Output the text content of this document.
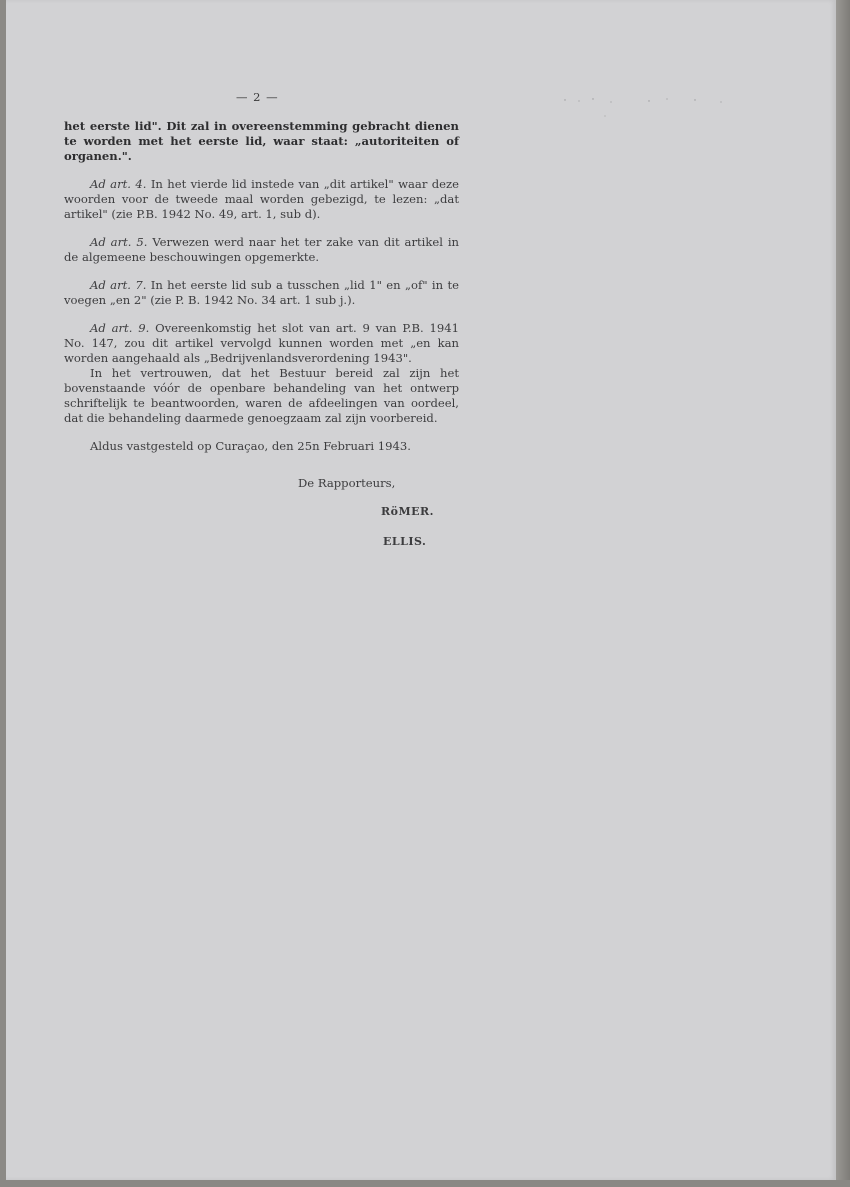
— 2 —

het eerste lid". Dit zal in overeenstemming gebracht dienen te worden met het eerste lid, waar staat: „autoriteiten of organen.".

Ad art. 4. In het vierde lid instede van „dit artikel" waar deze woorden voor de tweede maal worden gebezigd, te lezen: „dat artikel" (zie P.B. 1942 No. 49, art. 1, sub d).

Ad art. 5. Verwezen werd naar het ter zake van dit artikel in de algemeene beschouwingen opgemerkte.

Ad art. 7. In het eerste lid sub a tusschen „lid 1" en „of" in te voegen „en 2" (zie P. B. 1942 No. 34 art. 1 sub j.).

Ad art. 9. Overeenkomstig het slot van art. 9 van P.B. 1941 No. 147, zou dit artikel vervolgd kunnen worden met „en kan worden aangehaald als „Bedrijvenlandsverordening 1943".

In het vertrouwen, dat het Bestuur bereid zal zijn het bovenstaande vóór de openbare behandeling van het ontwerp schriftelijk te beantwoorden, waren de afdeelingen van oordeel, dat die behandeling daarmede genoegzaam zal zijn voorbereid.

Aldus vastgesteld op Curaçao, den 25n Februari 1943.

De Rapporteurs,
RöMER.
ELLIS.
